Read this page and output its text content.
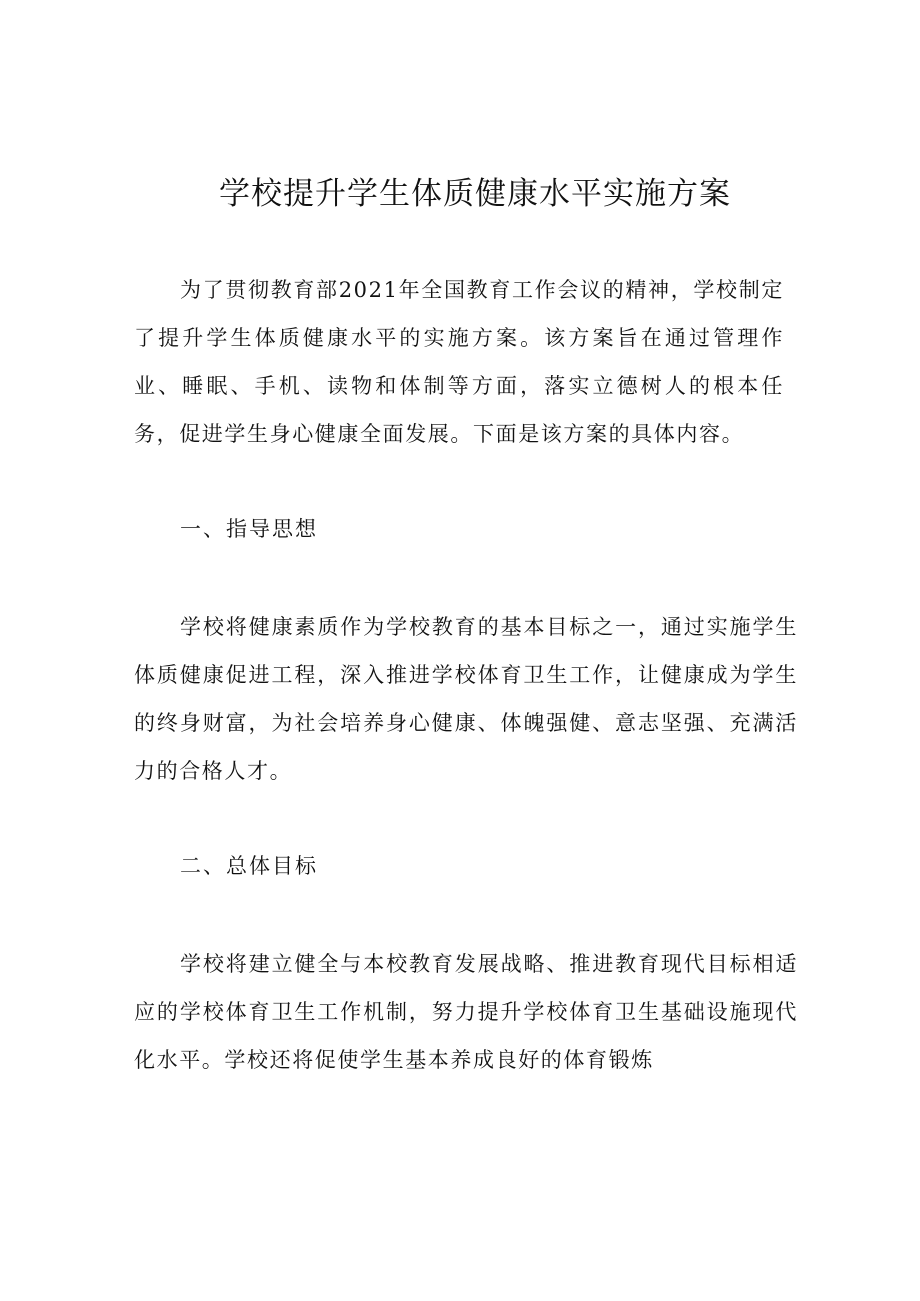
学校提升学生体质健康水平实施方案

为了贯彻教育部2021年全国教育工作会议的精神，学校制定了提升学生体质健康水平的实施方案。该方案旨在通过管理作业、睡眠、手机、读物和体制等方面，落实立德树人的根本任务，促进学生身心健康全面发展。下面是该方案的具体内容。

一、指导思想

学校将健康素质作为学校教育的基本目标之一，通过实施学生体质健康促进工程，深入推进学校体育卫生工作，让健康成为学生的终身财富，为社会培养身心健康、体魄强健、意志坚强、充满活力的合格人才。

二、总体目标

学校将建立健全与本校教育发展战略、推进教育现代目标相适应的学校体育卫生工作机制，努力提升学校体育卫生基础设施现代化水平。学校还将促使学生基本养成良好的体育锻炼
